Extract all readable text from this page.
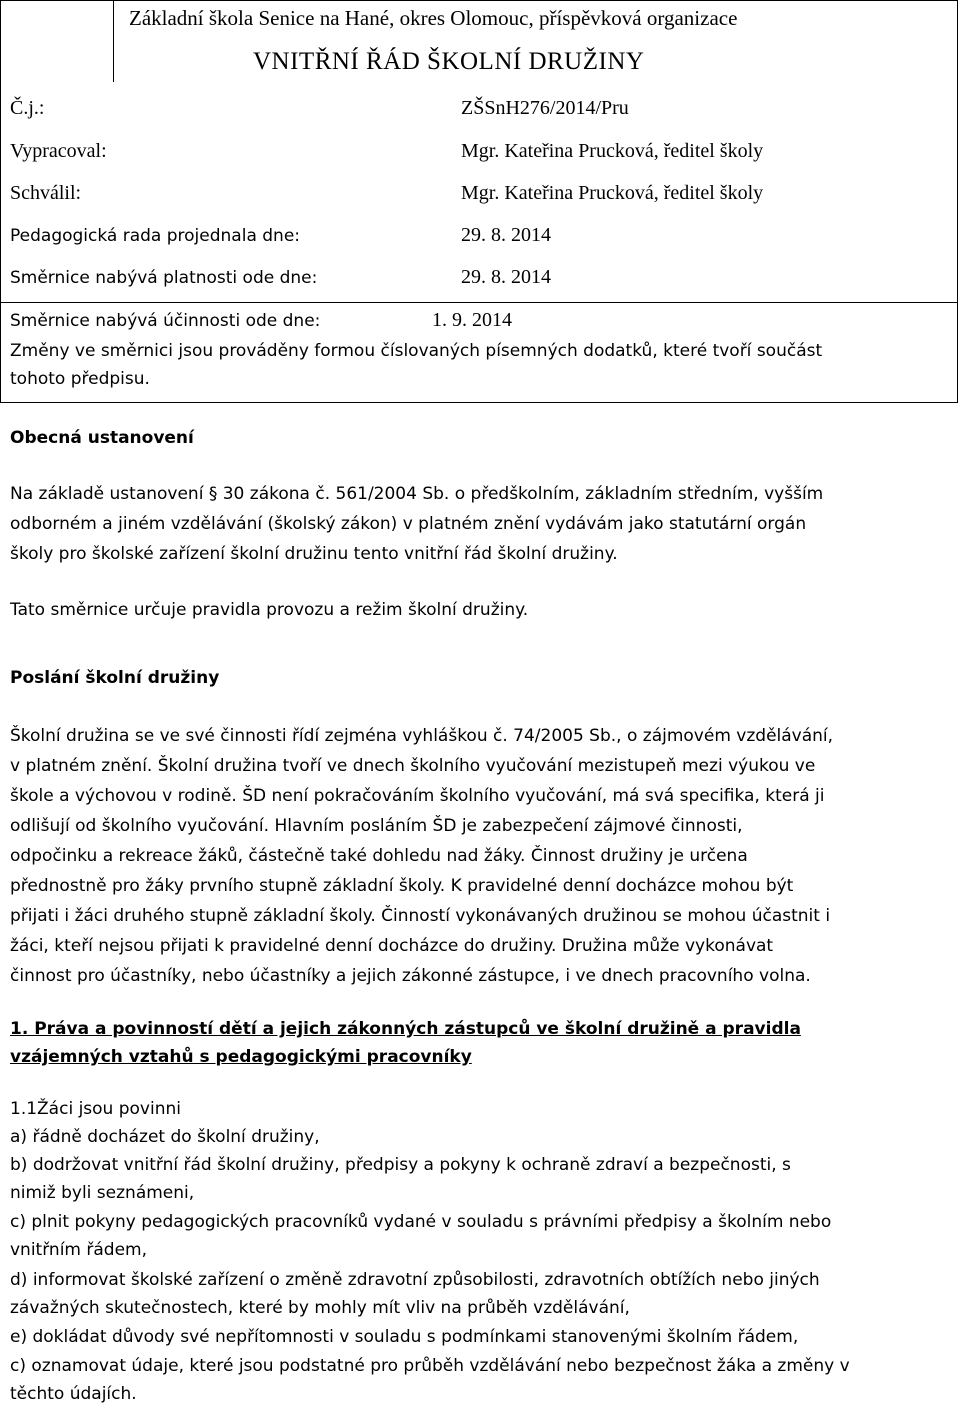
Základní škola Senice na Hané, okres Olomouc, příspěvková organizace
VNITŘNÍ ŘÁD ŠKOLNÍ DRUŽINY
Č.j.:	ZŠSnH276/2014/Pru
Vypracoval:	Mgr. Kateřina Prucková, ředitel školy
Schválil:	Mgr. Kateřina Prucková, ředitel školy
Pedagogická rada projednala dne:	29. 8. 2014
Směrnice nabývá platnosti ode dne:	29. 8. 2014
Směrnice nabývá účinnosti ode dne:	1. 9. 2014
Změny ve směrnici jsou prováděny formou číslovaných písemných dodatků, které tvoří součást
tohoto předpisu.
Obecná ustanovení
Na základě ustanovení § 30 zákona č. 561/2004 Sb. o předškolním, základním středním, vyšším
odborném a jiném vzdělávání (školský zákon) v platném znění vydávám jako statutární orgán
školy pro školské zařízení školní družinu tento vnitřní řád školní družiny.
Tato směrnice určuje pravidla provozu a režim školní družiny.
Poslání školní družiny
Školní družina se ve své činnosti řídí zejména vyhláškou č. 74/2005 Sb., o zájmovém vzdělávání,
v platném znění. Školní družina tvoří ve dnech školního vyučování mezistupeň mezi výukou ve
škole a výchovou v rodině. ŠD není pokračováním školního vyučování, má svá specifika, která ji
odlišují od školního vyučování. Hlavním posláním ŠD je zabezpečení zájmové činnosti,
odpočinku a rekreace žáků, částečně také dohledu nad žáky. Činnost družiny je určena
přednostně pro žáky prvního stupně základní školy. K pravidelné denní docházce mohou být
přijati i žáci druhého stupně základní školy. Činností vykonávaných družinou se mohou účastnit i
žáci, kteří nejsou přijati k pravidelné denní docházce do družiny. Družina může vykonávat
činnost pro účastníky, nebo účastníky a jejich zákonné zástupce, i ve dnech pracovního volna.
1. Práva a povinností dětí a jejich zákonných zástupců ve školní družině a pravidla
vzájemných vztahů s pedagogickými pracovníky
1.1Žáci jsou povinni
a) řádně docházet do školní družiny,
b) dodržovat vnitřní řád školní družiny, předpisy a pokyny k ochraně zdraví a bezpečnosti, s
nimiž byli seznámeni,
c) plnit pokyny pedagogických pracovníků vydané v souladu s právními předpisy a školním nebo
vnitřním řádem,
d) informovat školské zařízení o změně zdravotní způsobilosti, zdravotních obtížích nebo jiných
závažných skutečnostech, které by mohly mít vliv na průběh vzdělávání,
e) dokládat důvody své nepřítomnosti v souladu s podmínkami stanovenými školním řádem,
c) oznamovat údaje, které jsou podstatné pro průběh vzdělávání nebo bezpečnost žáka a změny v
těchto údajích.
